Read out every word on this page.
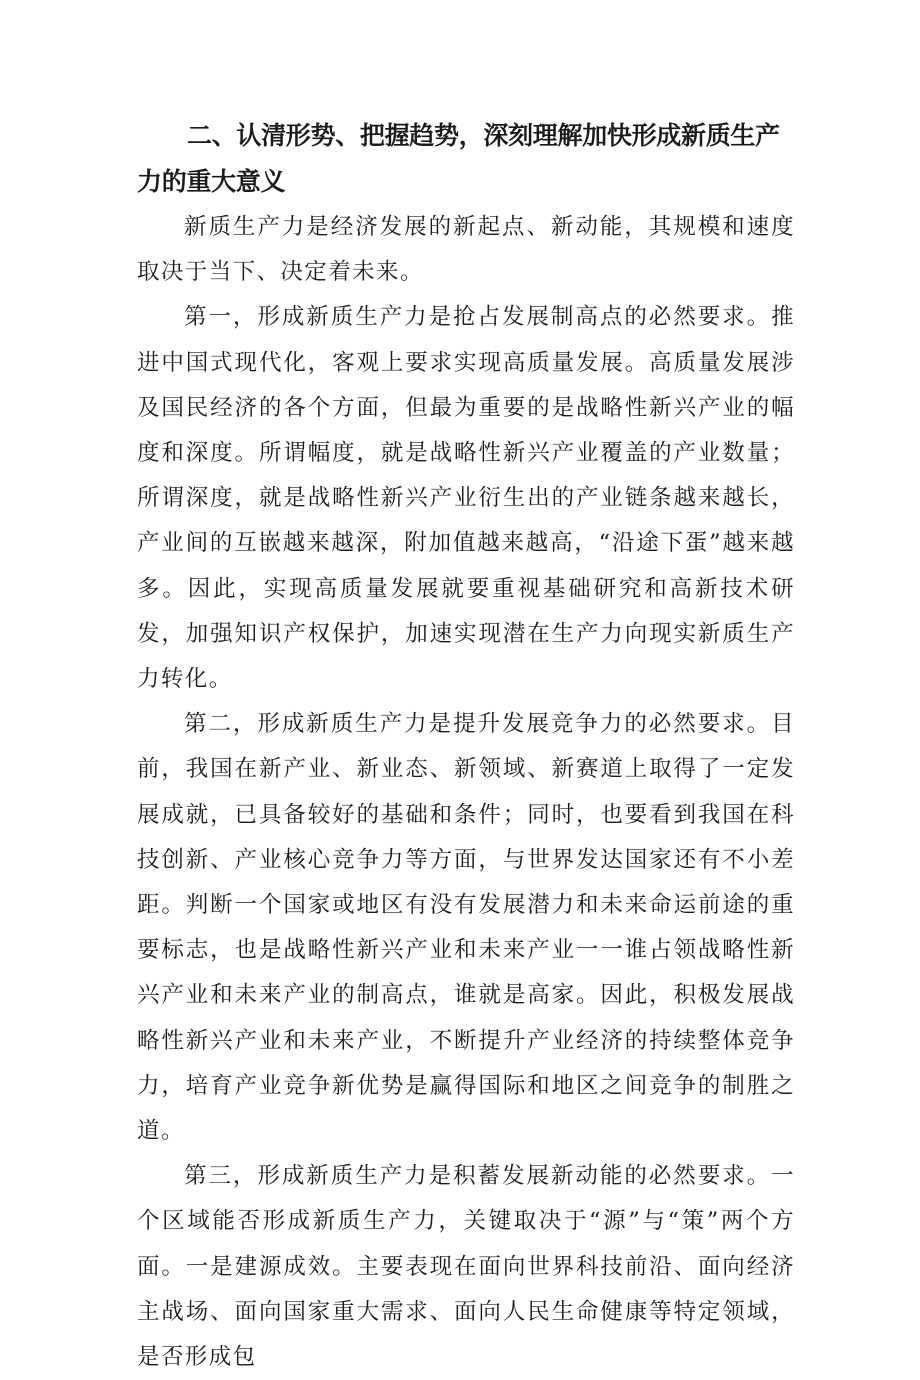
二、认清形势、把握趋势，深刻理解加快形成新质生产力的重大意义

新质生产力是经济发展的新起点、新动能，其规模和速度取决于当下、决定着未来。

第一，形成新质生产力是抢占发展制高点的必然要求。推进中国式现代化，客观上要求实现高质量发展。高质量发展涉及国民经济的各个方面，但最为重要的是战略性新兴产业的幅度和深度。所谓幅度，就是战略性新兴产业覆盖的产业数量；所谓深度，就是战略性新兴产业衍生出的产业链条越来越长，产业间的互嵌越来越深，附加值越来越高，“沿途下蛋”越来越多。因此，实现高质量发展就要重视基础研究和高新技术研发，加强知识产权保护，加速实现潜在生产力向现实新质生产力转化。

第二，形成新质生产力是提升发展竞争力的必然要求。目前，我国在新产业、新业态、新领域、新赛道上取得了一定发展成就，已具备较好的基础和条件；同时，也要看到我国在科技创新、产业核心竞争力等方面，与世界发达国家还有不小差距。判断一个国家或地区有没有发展潜力和未来命运前途的重要标志，也是战略性新兴产业和未来产业一一谁占领战略性新兴产业和未来产业的制高点，谁就是高家。因此，积极发展战略性新兴产业和未来产业，不断提升产业经济的持续整体竞争力，培育产业竞争新优势是赢得国际和地区之间竞争的制胜之道。

第三，形成新质生产力是积蓄发展新动能的必然要求。一个区域能否形成新质生产力，关键取决于“源”与“策”两个方面。一是建源成效。主要表现在面向世界科技前沿、面向经济主战场、面向国家重大需求、面向人民生命健康等特定领域，是否形成包
